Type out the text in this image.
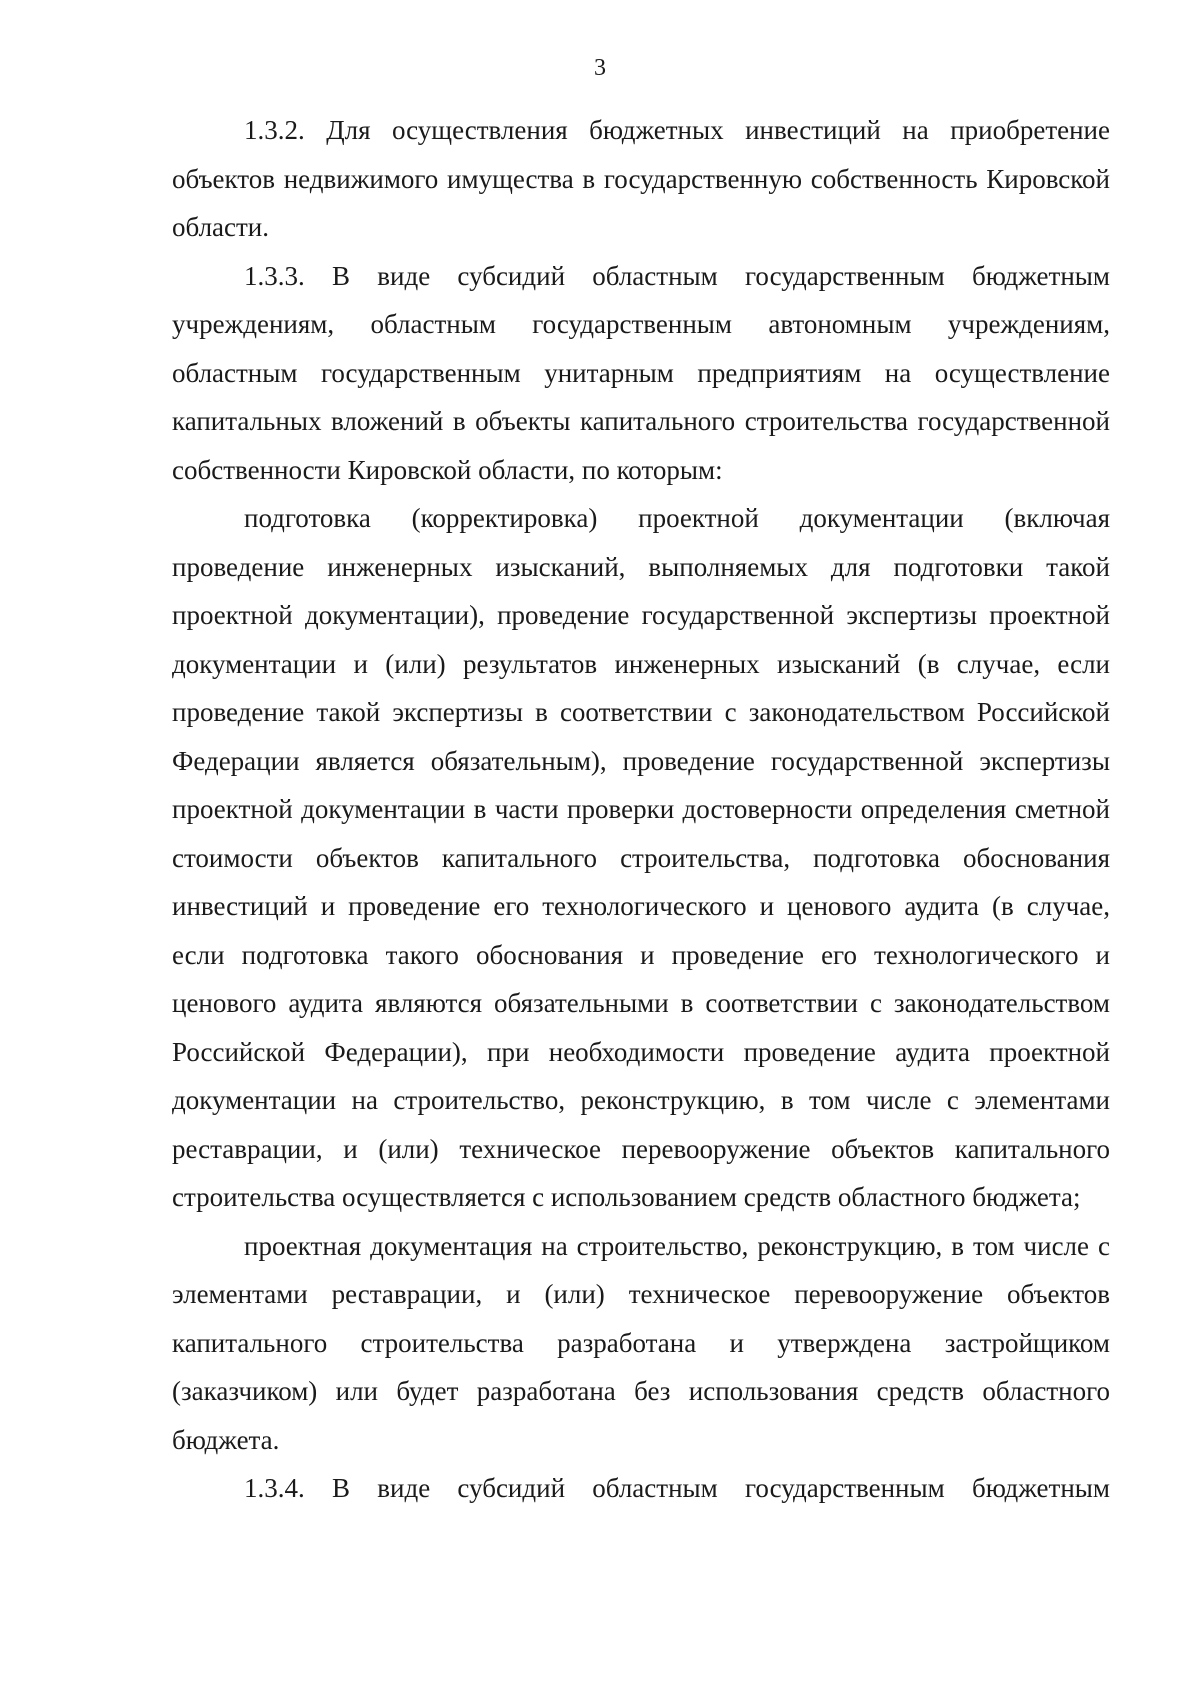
3

1.3.2. Для осуществления бюджетных инвестиций на приобретение объектов недвижимого имущества в государственную собственность Кировской области.

1.3.3. В виде субсидий областным государственным бюджетным учреждениям, областным государственным автономным учреждениям, областным государственным унитарным предприятиям на осуществление капитальных вложений в объекты капитального строительства государственной собственности Кировской области, по которым:

подготовка (корректировка) проектной документации (включая проведение инженерных изысканий, выполняемых для подготовки такой проектной документации), проведение государственной экспертизы проектной документации и (или) результатов инженерных изысканий (в случае, если проведение такой экспертизы в соответствии с законодательством Российской Федерации является обязательным), проведение государственной экспертизы проектной документации в части проверки достоверности определения сметной стоимости объектов капитального строительства, подготовка обоснования инвестиций и проведение его технологического и ценового аудита (в случае, если подготовка такого обоснования и проведение его технологического и ценового аудита являются обязательными в соответствии с законодательством Российской Федерации), при необходимости проведение аудита проектной документации на строительство, реконструкцию, в том числе с элементами реставрации, и (или) техническое перевооружение объектов капитального строительства осуществляется с использованием средств областного бюджета;

проектная документация на строительство, реконструкцию, в том числе с элементами реставрации, и (или) техническое перевооружение объектов капитального строительства разработана и утверждена застройщиком (заказчиком) или будет разработана без использования средств областного бюджета.

1.3.4. В виде субсидий областным государственным бюджетным
